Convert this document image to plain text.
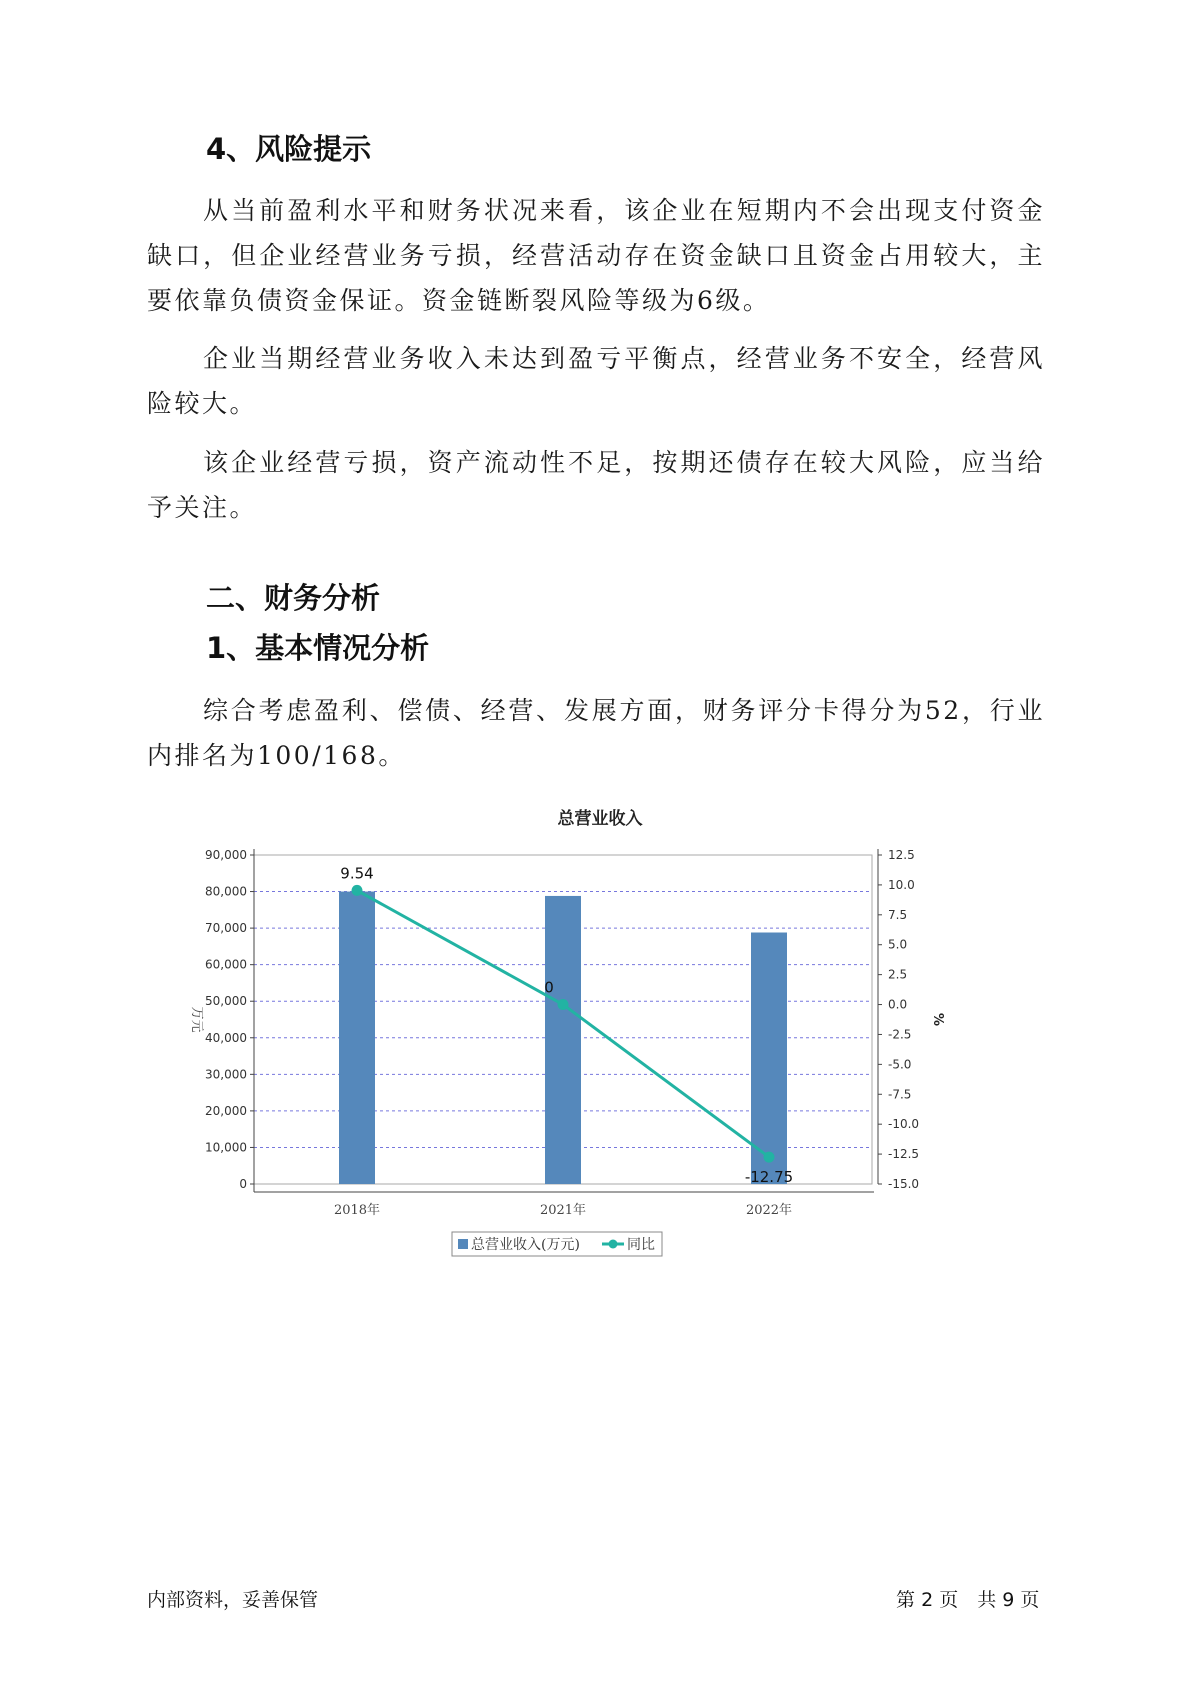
4、风险提示

从当前盈利水平和财务状况来看，该企业在短期内不会出现支付资金缺口，但企业经营业务亏损，经营活动存在资金缺口且资金占用较大，主要依靠负债资金保证。资金链断裂风险等级为6级。

企业当期经营业务收入未达到盈亏平衡点，经营业务不安全，经营风险较大。

该企业经营亏损，资产流动性不足，按期还债存在较大风险，应当给予关注。

二、财务分析
1、基本情况分析

综合考虑盈利、偿债、经营、发展方面，财务评分卡得分为52，行业内排名为100/168。

总营业收入
0
10,000
20,000
30,000
40,000
50,000
60,000
70,000
80,000
90,000	12.5
10.0
7.5
5.0
2.5
0.0
-2.5
-5.0
-7.5
-10.0
-12.5
-15.0
万元	%
2018年	2021年	2022年
9.54
0
-12.75
总营业收入(万元)	同比
内部资料，妥善保管	第 2 页　共 9 页
